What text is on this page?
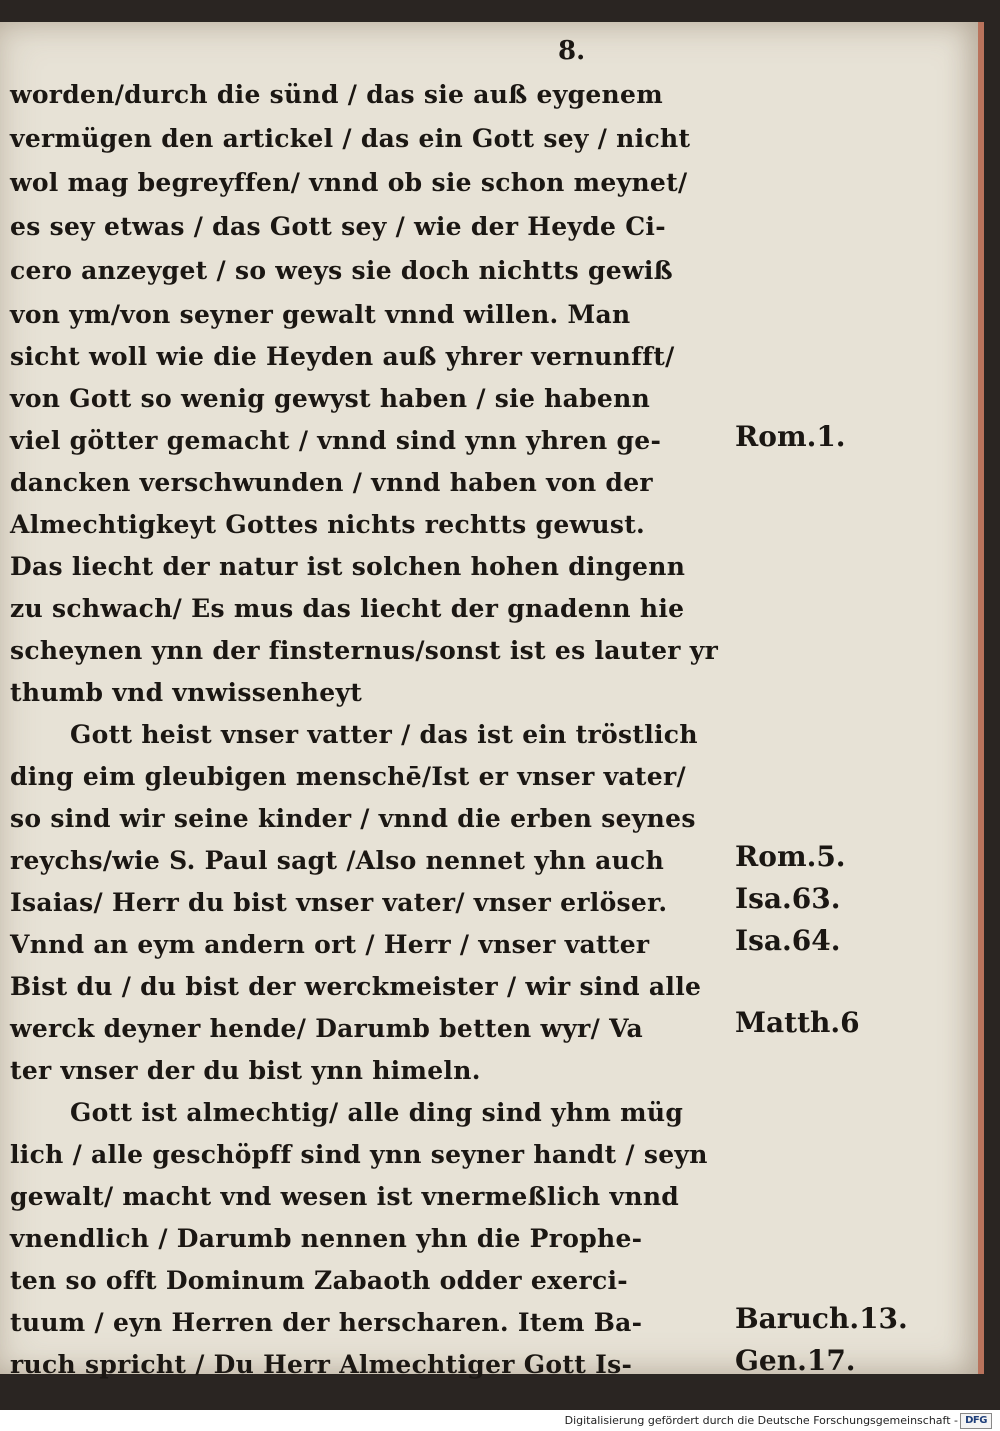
8.
worden/durch die sünd / das sie auß eygenem
vermügen den artickel / das ein Gott sey / nicht
wol mag begreyffen/ vnnd ob sie schon meynet/
es sey etwas / das Gott sey / wie der Heyde Ci-
cero anzeyget / so weys sie doch nichtts gewiß
von ym/von seyner gewalt vnnd willen. Man
sicht woll wie die Heyden auß yhrer vernunfft/
von Gott so wenig gewyst haben / sie habenn
viel götter gemacht / vnnd sind ynn yhren ge-
dancken verschwunden / vnnd haben von der
Almechtigkeyt Gottes nichts rechtts gewust.
Das liecht der natur ist solchen hohen dingenn
zu schwach/ Es mus das liecht der gnadenn hie
scheynen ynn der finsternus/sonst ist es lauter yr
thumb vnd vnwissenheyt
Gott heist vnser vatter / das ist ein tröstlich
ding eim gleubigen menschē/Ist er vnser vater/
so sind wir seine kinder / vnnd die erben seynes
reychs/wie S. Paul sagt /Also nennet yhn auch
Isaias/ Herr du bist vnser vater/ vnser erlöser.
Vnnd an eym andern ort / Herr / vnser vatter
Bist du / du bist der werckmeister / wir sind alle
werck deyner hende/ Darumb betten wyr/ Va
ter vnser der du bist ynn himeln.
Gott ist almechtig/ alle ding sind yhm müg
lich / alle geschöpff sind ynn seyner handt / seyn
gewalt/ macht vnd wesen ist vnermeßlich vnnd
vnendlich / Darumb nennen yhn die Prophe-
ten so offt Dominum Zabaoth odder exerci-
tuum / eyn Herren der herscharen. Item Ba-
ruch spricht / Du Herr Almechtiger Gott Is-
Rom.1.
Rom.5.
Isa.63.
Isa.64.
Matth.6
Baruch.13.
Gen.17.
Digitalisierung gefördert durch die Deutsche Forschungsgemeinschaft - DFG
